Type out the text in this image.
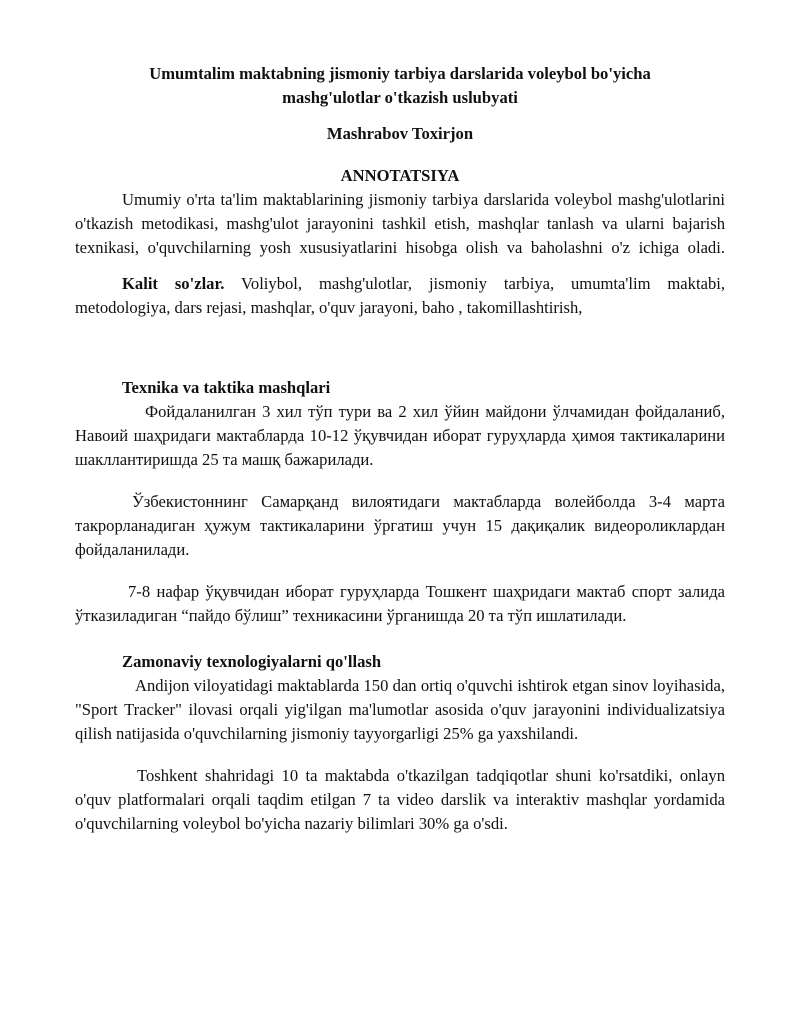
Umumtalim maktabning jismoniy tarbiya darslarida voleybol bo'yicha

mashg'ulotlar o'tkazish uslubyati

Mashrabov Toxirjon

ANNOTATSIYA

Umumiy o'rta ta'lim maktablarining jismoniy tarbiya darslarida voleybol mashg'ulotlarini o'tkazish metodikasi, mashg'ulot jarayonini tashkil etish, mashqlar tanlash va ularni bajarish texnikasi, o'quvchilarning yosh xususiyatlarini hisobga olish va baholashni o'z ichiga oladi.

Kalit so'zlar. Voliybol, mashg'ulotlar, jismoniy tarbiya, umumta'lim maktabi, metodologiya, dars rejasi, mashqlar, o'quv jarayoni, baho , takomillashtirish,

Texnika va taktika mashqlari

Фойдаланилган 3 хил тўп тури ва 2 хил ўйин майдони ўлчамидан фойдаланиб, Навоий шаҳридаги мактабларда 10-12 ўқувчидан иборат гуруҳларда ҳимоя тактикаларини шакллантиришда 25 та машқ бажарилади.

Ўзбекистоннинг Самарқанд вилоятидаги мактабларда волейболда 3-4 марта такрорланадиган ҳужум тактикаларини ўргатиш учун 15 дақиқалик видеороликлардан фойдаланилади.

7-8 нафар ўқувчидан иборат гуруҳларда Тошкент шаҳридаги мактаб спорт залида ўтказиладиган “пайдо бўлиш” техникасини ўрганишда 20 та тўп ишлатилади.

Zamonaviy texnologiyalarni qo'llash

Andijon viloyatidagi maktablarda 150 dan ortiq o'quvchi ishtirok etgan sinov loyihasida, "Sport Tracker" ilovasi orqali yig'ilgan ma'lumotlar asosida o'quv jarayonini individualizatsiya qilish natijasida o'quvchilarning jismoniy tayyorgarligi 25% ga yaxshilandi.

Toshkent shahridagi 10 ta maktabda o'tkazilgan tadqiqotlar shuni ko'rsatdiki, onlayn o'quv platformalari orqali taqdim etilgan 7 ta video darslik va interaktiv mashqlar yordamida o'quvchilarning voleybol bo'yicha nazariy bilimlari 30% ga o'sdi.
